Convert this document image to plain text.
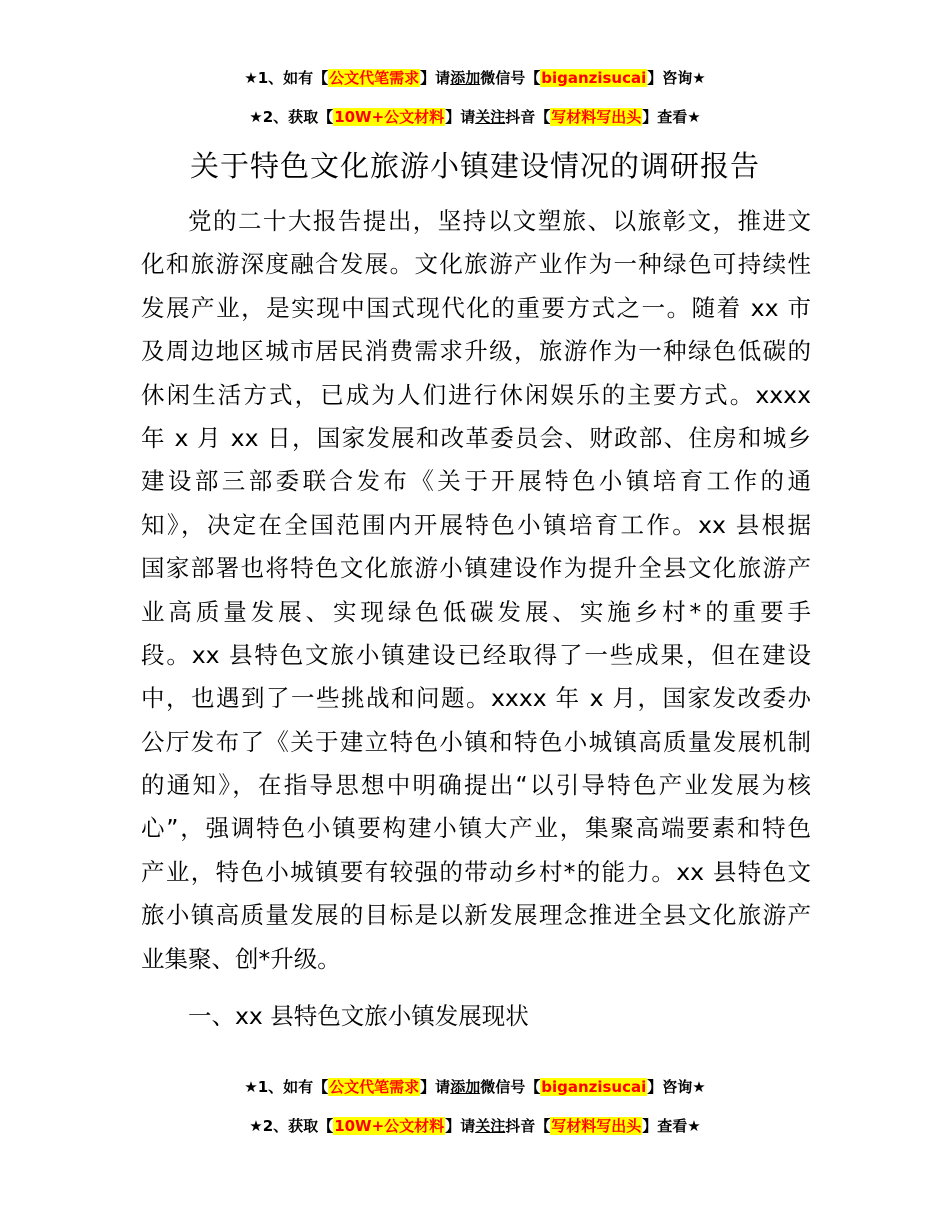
★1、如有【公文代笔需求】请添加微信号【biganzisucai】咨询★
★2、获取【10W+公文材料】请关注抖音【写材料写出头】查看★
关于特色文化旅游小镇建设情况的调研报告
党的二十大报告提出，坚持以文塑旅、以旅彰文，推进文
化和旅游深度融合发展。文化旅游产业作为一种绿色可持续性
发展产业，是实现中国式现代化的重要方式之一。随着 xx 市
及周边地区城市居民消费需求升级，旅游作为一种绿色低碳的
休闲生活方式，已成为人们进行休闲娱乐的主要方式。xxxx
年 x 月 xx 日，国家发展和改革委员会、财政部、住房和城乡
建设部三部委联合发布《关于开展特色小镇培育工作的通
知》，决定在全国范围内开展特色小镇培育工作。xx 县根据
国家部署也将特色文化旅游小镇建设作为提升全县文化旅游产
业高质量发展、实现绿色低碳发展、实施乡村*的重要手
段。xx 县特色文旅小镇建设已经取得了一些成果，但在建设
中，也遇到了一些挑战和问题。xxxx 年 x 月，国家发改委办
公厅发布了《关于建立特色小镇和特色小城镇高质量发展机制
的通知》，在指导思想中明确提出“以引导特色产业发展为核
心”，强调特色小镇要构建小镇大产业，集聚高端要素和特色
产业，特色小城镇要有较强的带动乡村*的能力。xx 县特色文
旅小镇高质量发展的目标是以新发展理念推进全县文化旅游产
业集聚、创*升级。
一、xx 县特色文旅小镇发展现状
★1、如有【公文代笔需求】请添加微信号【biganzisucai】咨询★
★2、获取【10W+公文材料】请关注抖音【写材料写出头】查看★
